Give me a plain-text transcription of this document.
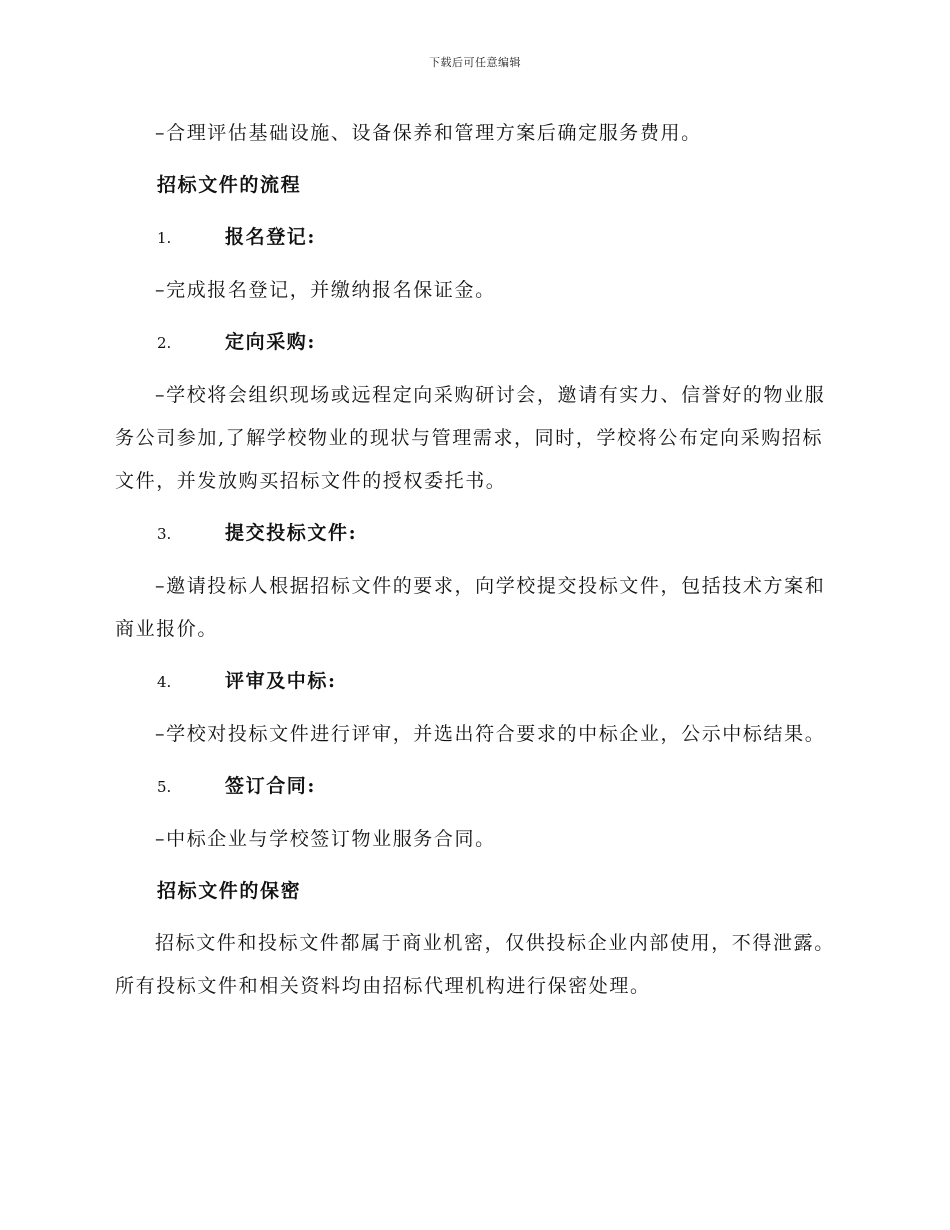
下载后可任意编辑

–合理评估基础设施、设备保养和管理方案后确定服务费用。

招标文件的流程

1.	报名登记:

–完成报名登记，并缴纳报名保证金。

2.	定向采购:

–学校将会组织现场或远程定向采购研讨会，邀请有实力、信誉好的物业服务公司参加,了解学校物业的现状与管理需求，同时，学校将公布定向采购招标文件，并发放购买招标文件的授权委托书。

3.	提交投标文件:

–邀请投标人根据招标文件的要求，向学校提交投标文件，包括技术方案和商业报价。

4.	评审及中标:

–学校对投标文件进行评审，并选出符合要求的中标企业，公示中标结果。

5.	签订合同:

–中标企业与学校签订物业服务合同。

招标文件的保密

招标文件和投标文件都属于商业机密，仅供投标企业内部使用，不得泄露。所有投标文件和相关资料均由招标代理机构进行保密处理。
